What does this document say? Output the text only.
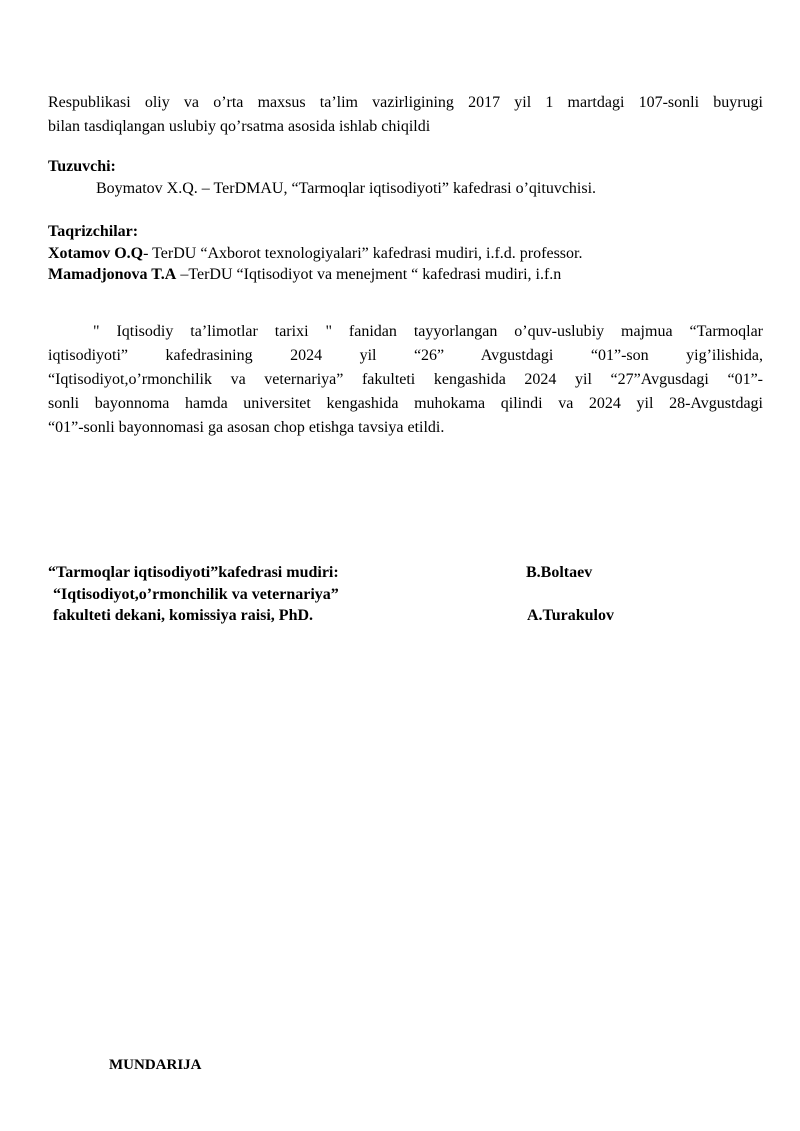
Respublikasi oliy va o’rta maxsus ta’lim vazirligining 2017 yil 1 martdagi 107-sonli buyrugi
bilan tasdiqlangan uslubiy qo’rsatma asosida ishlab chiqildi
Tuzuvchi:
Boymatov X.Q. – TerDMAU, “Tarmoqlar iqtisodiyoti” kafedrasi o’qituvchisi.
Taqrizchilar:
Xotamov O.Q- TerDU “Axborot texnologiyalari” kafedrasi mudiri, i.f.d. professor.
Mamadjonova T.A –TerDU “Iqtisodiyot va menejment “ kafedrasi mudiri, i.f.n
" Iqtisodiy ta’limotlar tarixi " fanidan tayyorlangan o’quv-uslubiy majmua “Tarmoqlar
iqtisodiyoti” kafedrasining 2024 yil “26” Avgustdagi “01”-son yig’ilishida,
“Iqtisodiyot,o’rmonchilik va veternariya” fakulteti kengashida 2024 yil “27”Avgusdagi “01”-
sonli bayonnoma hamda universitet kengashida muhokama qilindi va 2024 yil 28-Avgustdagi
“01”-sonli bayonnomasi ga asosan chop etishga tavsiya etildi.
“Tarmoqlar iqtisodiyoti”kafedrasi mudiri:	B.Boltaev
“Iqtisodiyot,o’rmonchilik va veternariya”
fakulteti dekani, komissiya raisi, PhD.	A.Turakulov
MUNDARIJA
